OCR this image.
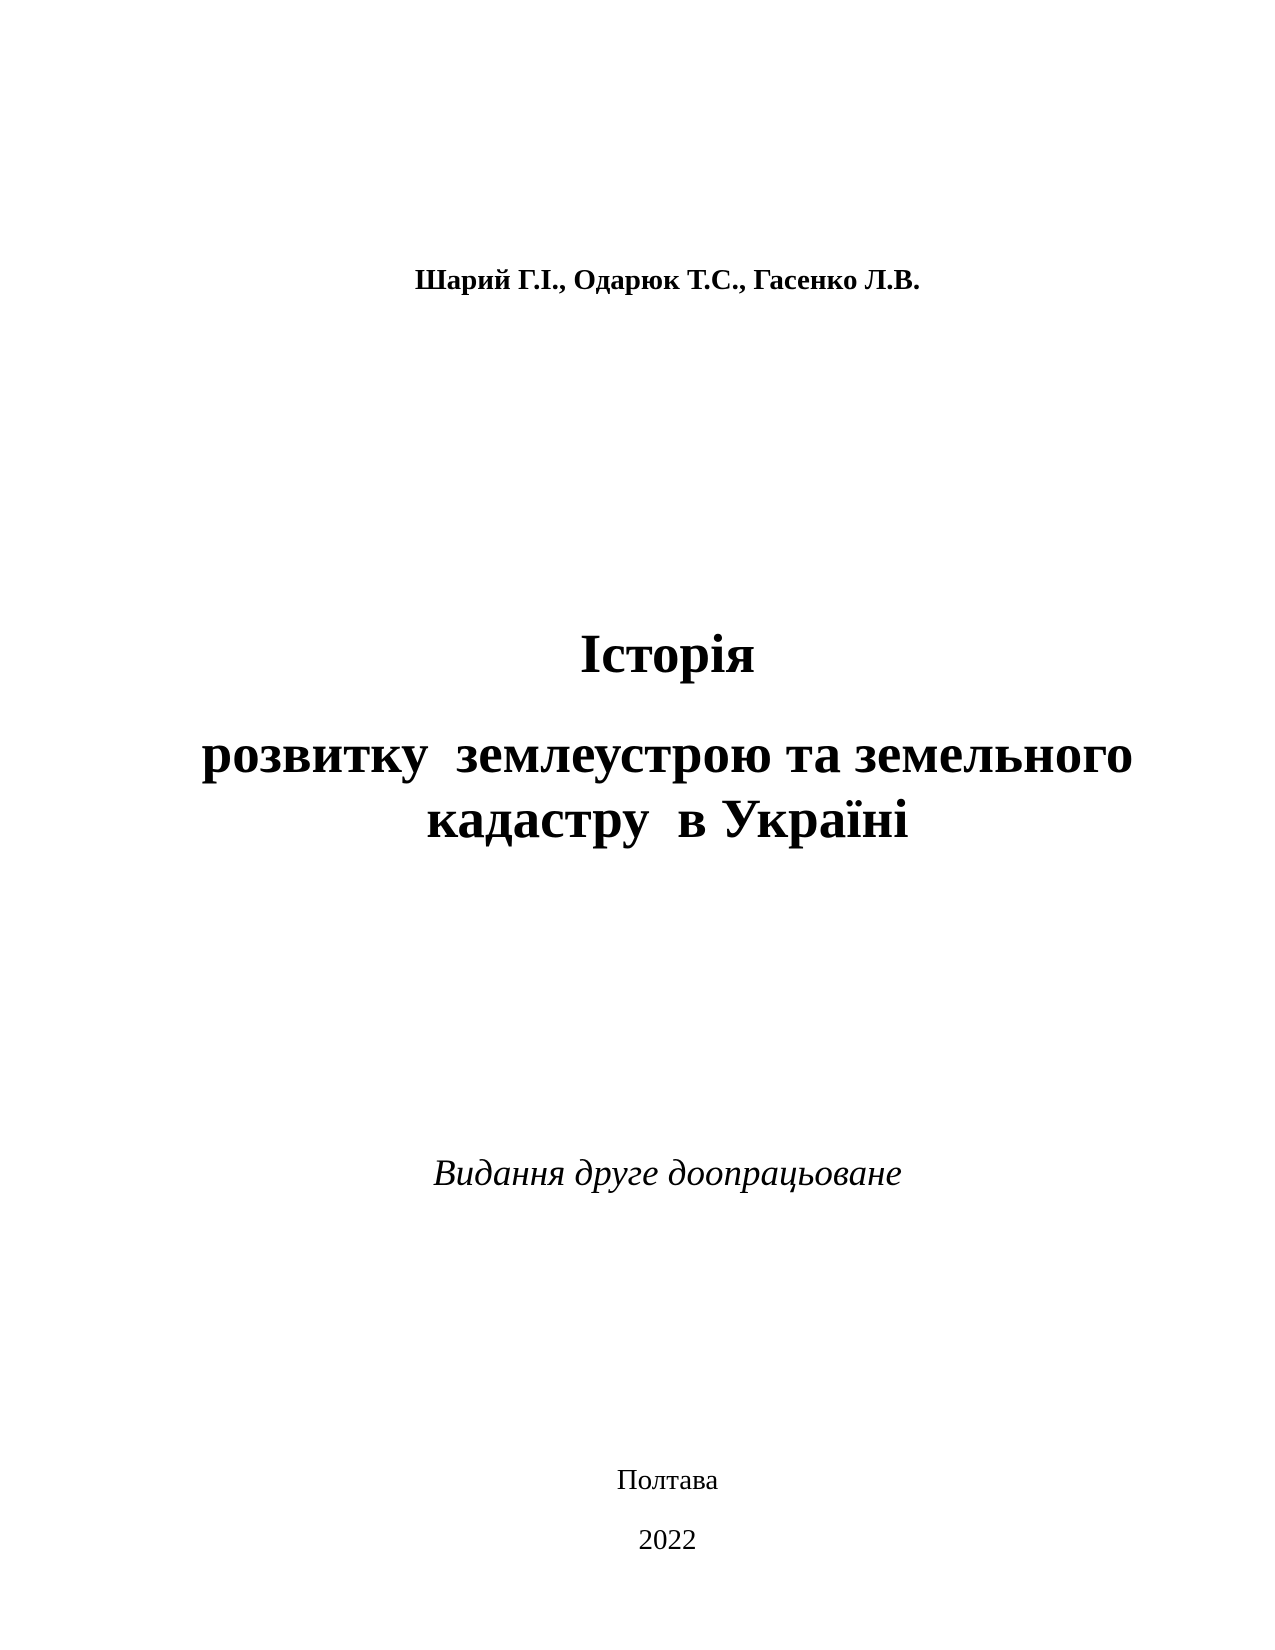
Шарий Г.І., Одарюк Т.С., Гасенко Л.В.
Історія
розвитку  землеустрою та земельного
кадастру  в Україні
Видання друге доопрацьоване
Полтава
2022
